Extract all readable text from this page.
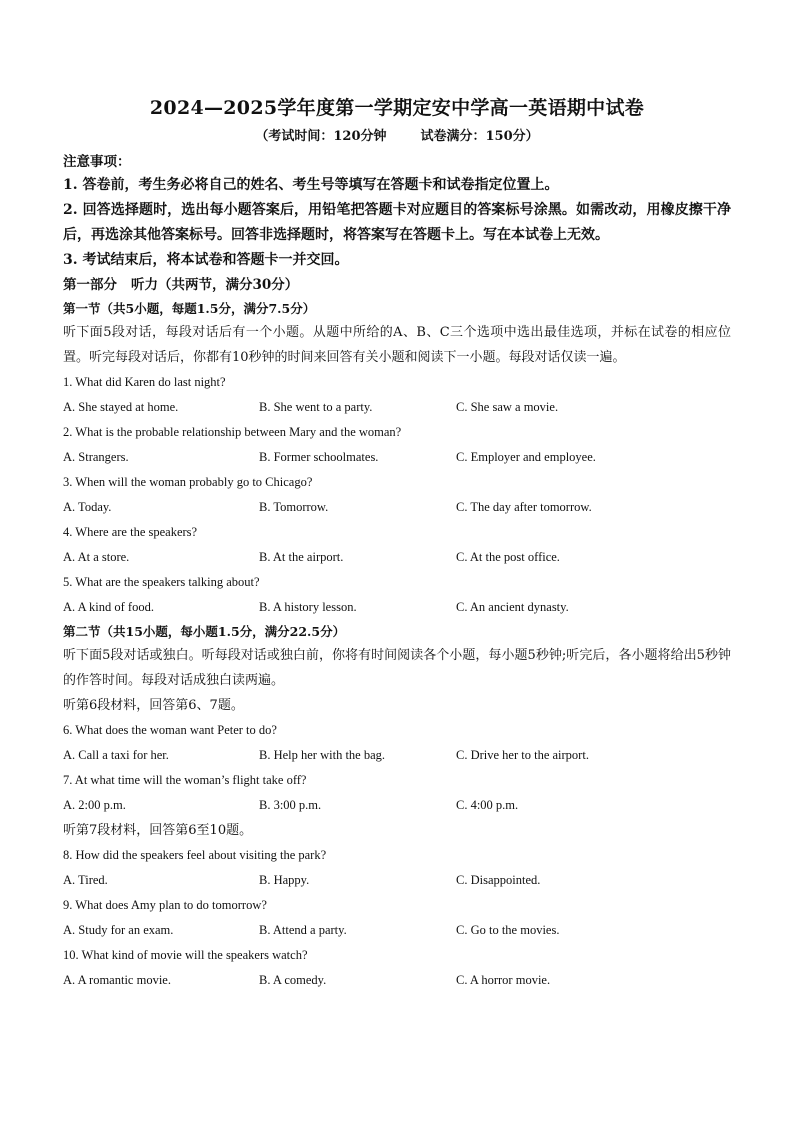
2024—2025学年度第一学期定安中学高一英语期中试卷
（考试时间：120分钟	试卷满分：150分）
注意事项：
1. 答卷前，考生务必将自己的姓名、考生号等填写在答题卡和试卷指定位置上。
2. 回答选择题时，选出每小题答案后，用铅笔把答题卡对应题目的答案标号涂黑。如需改动，用橡皮擦干净后，再选涂其他答案标号。回答非选择题时，将答案写在答题卡上。写在本试卷上无效。
3. 考试结束后，将本试卷和答题卡一并交回。
第一部分 听力（共两节，满分30分）
第一节（共5小题，每题1.5分，满分7.5分）
听下面5段对话，每段对话后有一个小题。从题中所给的A、B、C三个选项中选出最佳选项，并标在试卷的相应位置。听完每段对话后，你都有10秒钟的时间来回答有关小题和阅读下一小题。每段对话仅读一遍。
1. What did Karen do last night?
A. She stayed at home.	B. She went to a party.	C. She saw a movie.
2. What is the probable relationship between Mary and the woman?
A. Strangers.	B. Former schoolmates.	C. Employer and employee.
3. When will the woman probably go to Chicago?
A. Today.	B. Tomorrow.	C. The day after tomorrow.
4. Where are the speakers?
A. At a store.	B. At the airport.	C. At the post office.
5. What are the speakers talking about?
A. A kind of food.	B. A history lesson.	C. An ancient dynasty.
第二节（共15小题，每小题1.5分，满分22.5分）
听下面5段对话或独白。听每段对话或独白前，你将有时间阅读各个小题，每小题5秒钟;听完后，各小题将给出5秒钟的作答时间。每段对话成独白读两遍。
听第6段材料，回答第6、7题。
6. What does the woman want Peter to do?
A. Call a taxi for her.	B. Help her with the bag.	C. Drive her to the airport.
7. At what time will the woman’s flight take off?
A. 2:00 p.m.	B. 3:00 p.m.	C. 4:00 p.m.
听第7段材料，回答第6至10题。
8. How did the speakers feel about visiting the park?
A. Tired.	B. Happy.	C. Disappointed.
9. What does Amy plan to do tomorrow?
A. Study for an exam.	B. Attend a party.	C. Go to the movies.
10. What kind of movie will the speakers watch?
A. A romantic movie.	B. A comedy.	C. A horror movie.
